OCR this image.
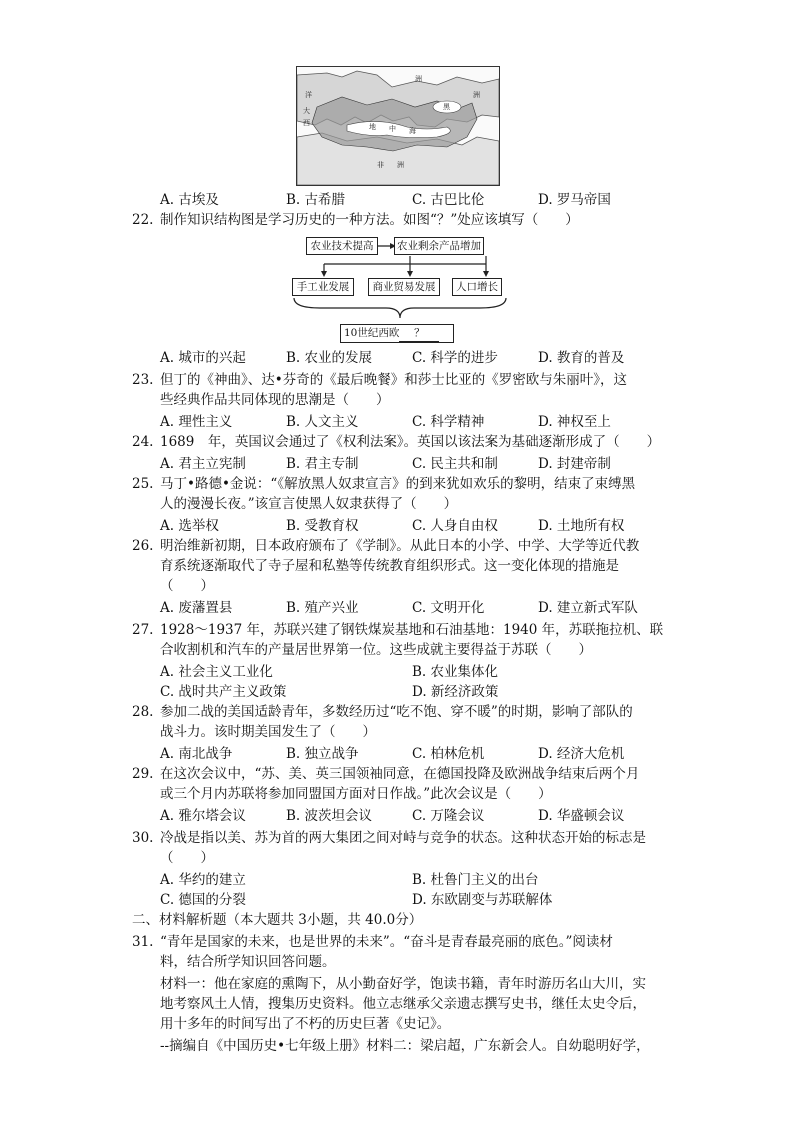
洲
洋
大
西
洲
地 中 海
黑
非 洲
A. 古埃及	B. 古希腊	C. 古巴比伦	D. 罗马帝国
22. 制作知识结构图是学习历史的一种方法。如图“？”处应该填写（　　）
农业技术提高	农业剩余产品增加
手工业发展	商业贸易发展	人口增长
10世纪西欧 ？
A. 城市的兴起	B. 农业的发展	C. 科学的进步	D. 教育的普及
23. 但丁的《神曲》、达•芬奇的《最后晚餐》和莎士比亚的《罗密欧与朱丽叶》，这
些经典作品共同体现的思潮是（　　）
A. 理性主义	B. 人文主义	C. 科学精神	D. 神权至上
24. 1689　年，英国议会通过了《权利法案》。英国以该法案为基础逐渐形成了（　　）
A. 君主立宪制	B. 君主专制	C. 民主共和制	D. 封建帝制
25. 马丁•路德•金说：“《解放黑人奴隶宣言》的到来犹如欢乐的黎明，结束了束缚黑
人的漫漫长夜。”该宣言使黑人奴隶获得了（　　）
A. 选举权	B. 受教育权	C. 人身自由权	D. 土地所有权
26. 明治维新初期，日本政府颁布了《学制》。从此日本的小学、中学、大学等近代教
育系统逐渐取代了寺子屋和私塾等传统教育组织形式。这一变化体现的措施是
（　　）
A. 废藩置县	B. 殖产兴业	C. 文明开化	D. 建立新式军队
27. 1928～1937 年，苏联兴建了钢铁煤炭基地和石油基地：1940 年，苏联拖拉机、联
合收割机和汽车的产量居世界第一位。这些成就主要得益于苏联（　　）
A. 社会主义工业化	B. 农业集体化
C. 战时共产主义政策	D. 新经济政策
28. 参加二战的美国适龄青年，多数经历过“吃不饱、穿不暖”的时期，影响了部队的
战斗力。该时期美国发生了（　　）
A. 南北战争	B. 独立战争	C. 柏林危机	D. 经济大危机
29. 在这次会议中，“苏、美、英三国领袖同意，在德国投降及欧洲战争结束后两个月
或三个月内苏联将参加同盟国方面对日作战。”此次会议是（　　）
A. 雅尔塔会议	B. 波茨坦会议	C. 万隆会议	D. 华盛顿会议
30. 冷战是指以美、苏为首的两大集团之间对峙与竞争的状态。这种状态开始的标志是
（　　）
A. 华约的建立	B. 杜鲁门主义的出台
C. 德国的分裂	D. 东欧剧变与苏联解体
二、材料解析题（本大题共 3小题，共 40.0分）
31. “青年是国家的未来，也是世界的未来”。“奋斗是青春最亮丽的底色。”阅读材
料，结合所学知识回答问题。
材料一：他在家庭的熏陶下，从小勤奋好学，饱读书籍，青年时游历名山大川，实
地考察风土人情，搜集历史资料。他立志继承父亲遗志撰写史书，继任太史令后，
用十多年的时间写出了不朽的历史巨著《史记》。
--摘编自《中国历史•七年级上册》材料二：梁启超，广东新会人。自幼聪明好学，
